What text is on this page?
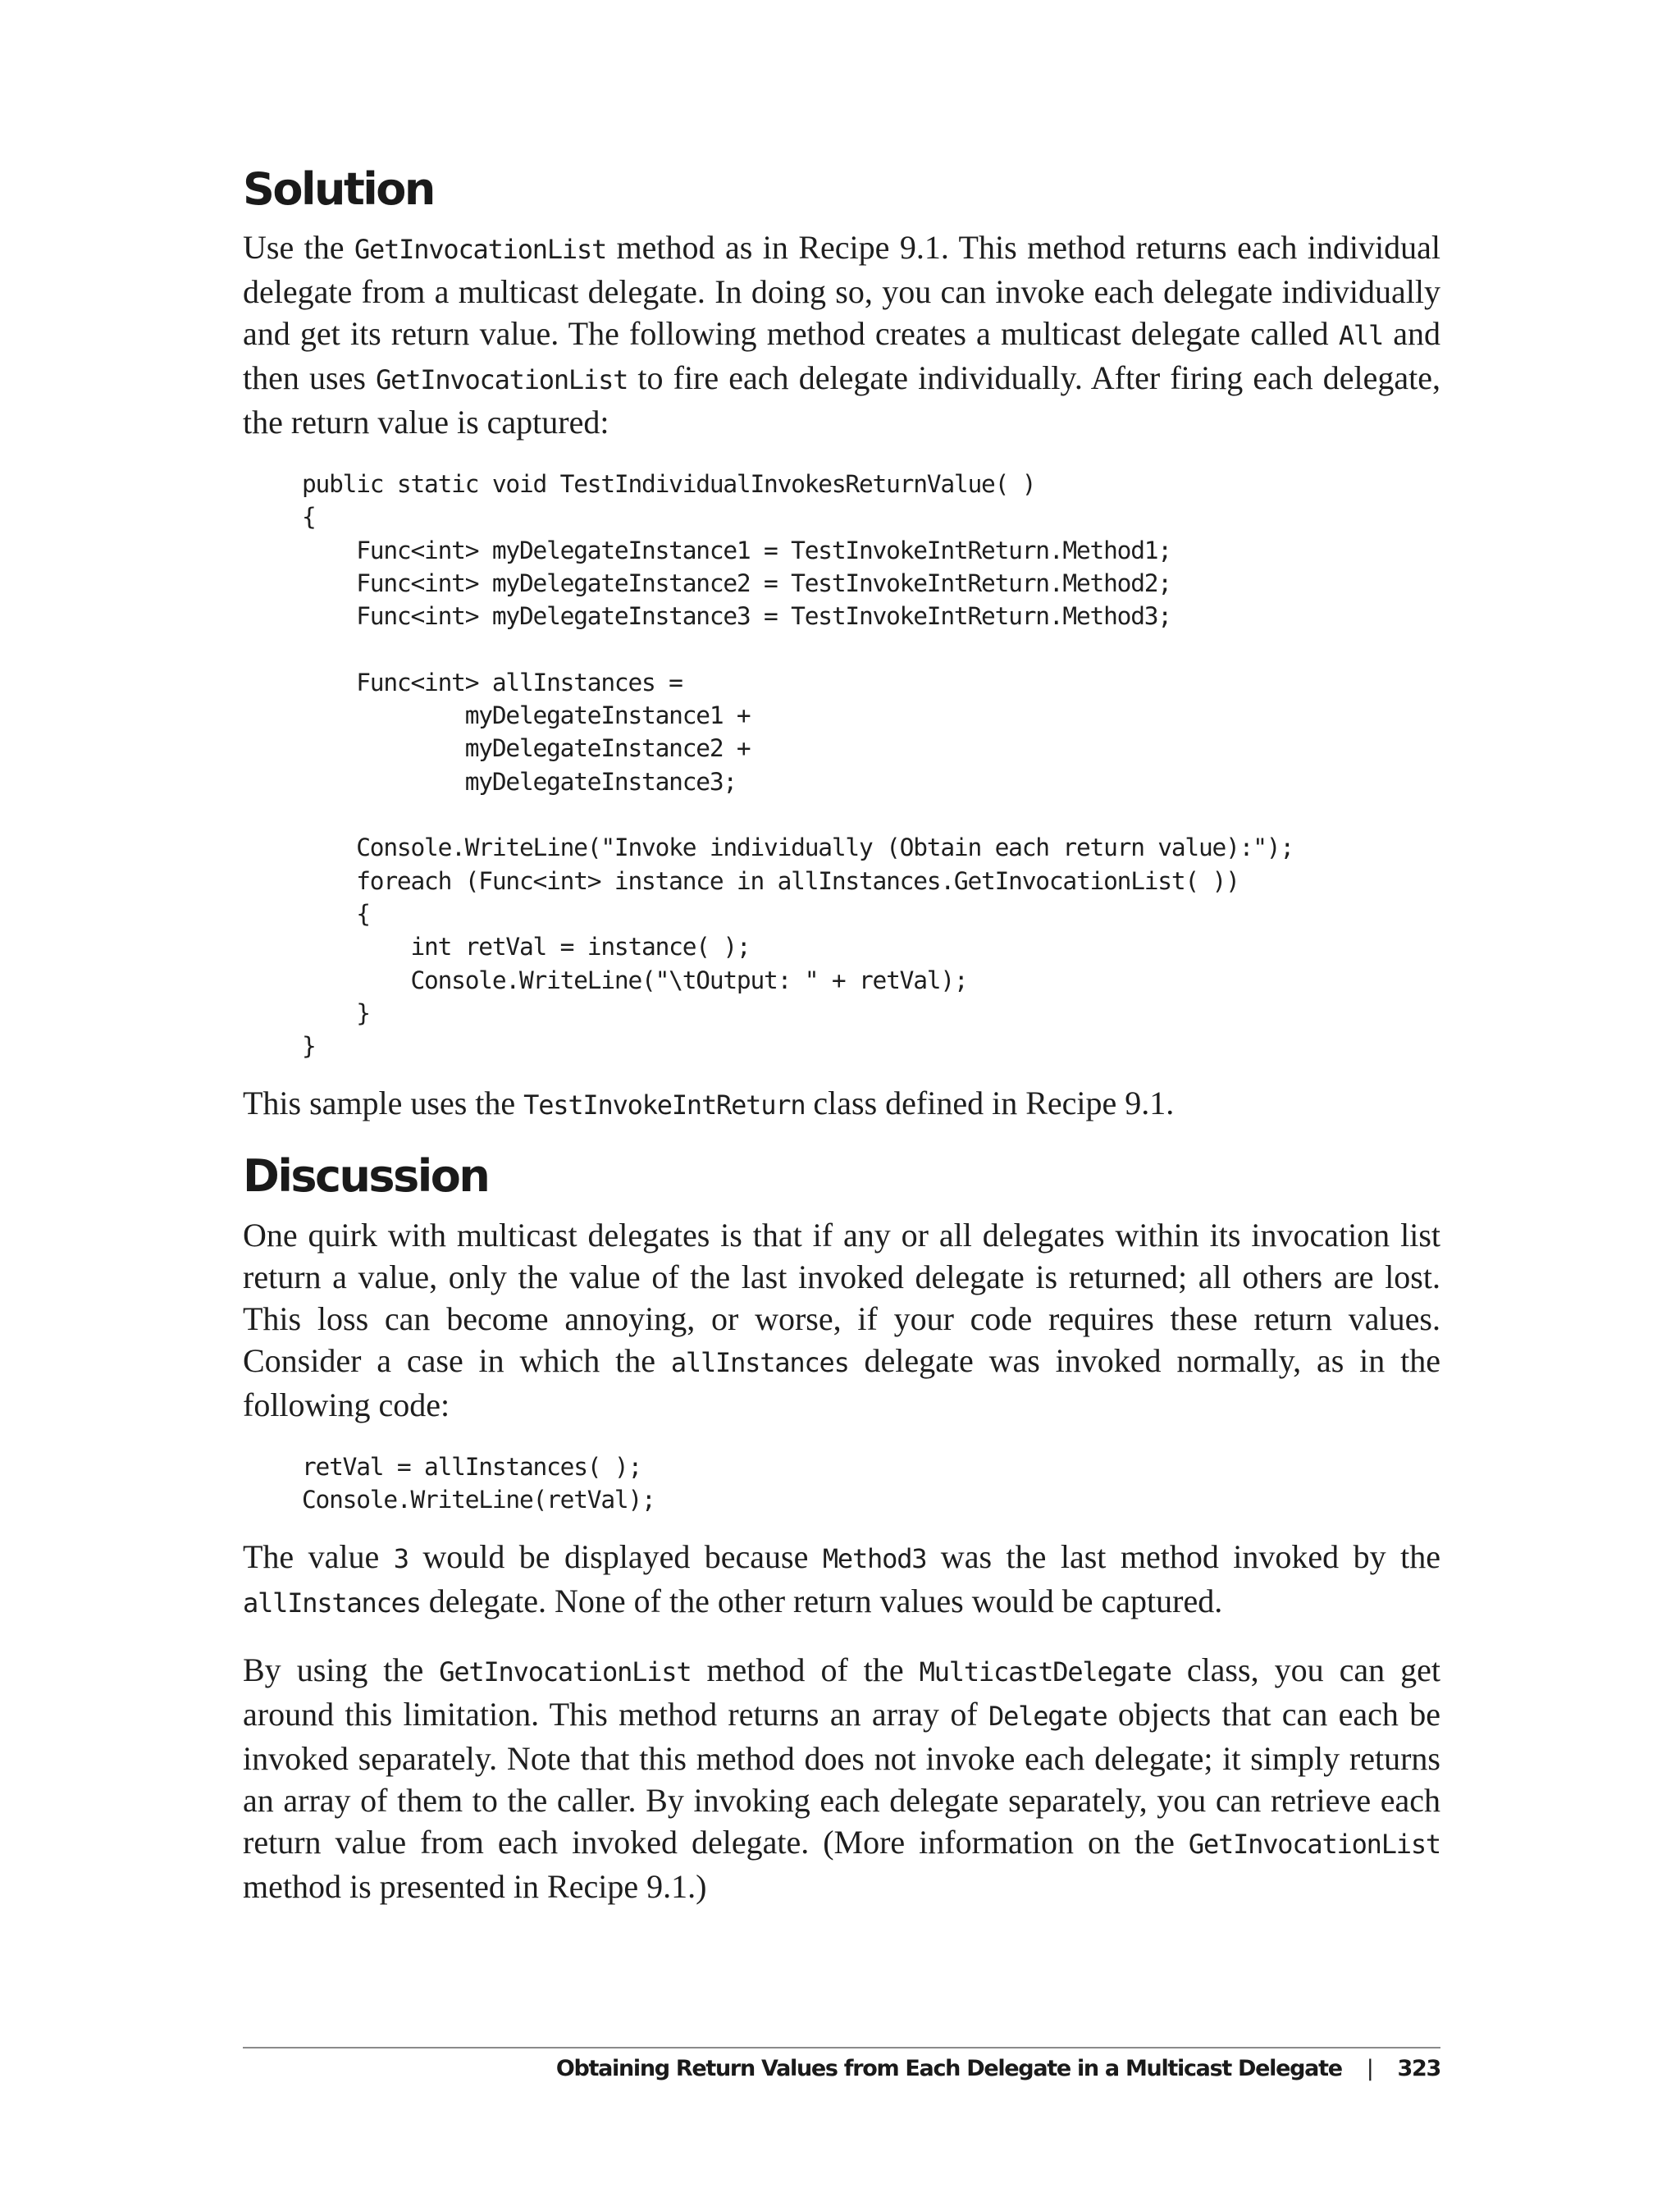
Solution

Use the GetInvocationList method as in Recipe 9.1. This method returns each individual delegate from a multicast delegate. In doing so, you can invoke each delegate individually and get its return value. The following method creates a multicast delegate called All and then uses GetInvocationList to fire each delegate individually. After firing each delegate, the return value is captured:

public static void TestIndividualInvokesReturnValue( )
{
Func<int> myDelegateInstance1 = TestInvokeIntReturn.Method1;
Func<int> myDelegateInstance2 = TestInvokeIntReturn.Method2;
Func<int> myDelegateInstance3 = TestInvokeIntReturn.Method3;

Func<int> allInstances =
myDelegateInstance1 +
myDelegateInstance2 +
myDelegateInstance3;

Console.WriteLine("Invoke individually (Obtain each return value):");
foreach (Func<int> instance in allInstances.GetInvocationList( ))
{
int retVal = instance( );
Console.WriteLine("\tOutput: " + retVal);
}
}

This sample uses the TestInvokeIntReturn class defined in Recipe 9.1.

Discussion

One quirk with multicast delegates is that if any or all delegates within its invocation list return a value, only the value of the last invoked delegate is returned; all others are lost. This loss can become annoying, or worse, if your code requires these return values. Consider a case in which the allInstances delegate was invoked normally, as in the following code:

retVal = allInstances( );
Console.WriteLine(retVal);

The value 3 would be displayed because Method3 was the last method invoked by the allInstances delegate. None of the other return values would be captured.

By using the GetInvocationList method of the MulticastDelegate class, you can get around this limitation. This method returns an array of Delegate objects that can each be invoked separately. Note that this method does not invoke each delegate; it simply returns an array of them to the caller. By invoking each delegate separately, you can retrieve each return value from each invoked delegate. (More information on the GetInvocationList method is presented in Recipe 9.1.)

Obtaining Return Values from Each Delegate in a Multicast Delegate | 323
